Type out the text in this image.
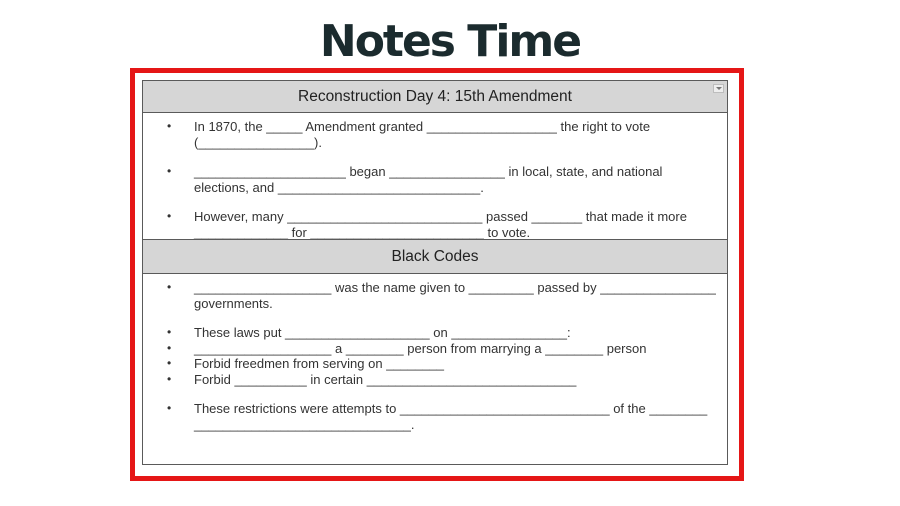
Notes Time
Reconstruction Day 4: 15th Amendment
• In 1870, the _____ Amendment granted __________________ the right to vote (________________).
• _____________________ began ________________ in local, state, and national elections, and ____________________________.
• However, many ___________________________ passed _______ that made it more _____________ for ________________________ to vote.
Black Codes
• ___________________ was the name given to _________ passed by ________________ governments.
• These laws put ____________________ on ________________:
• ___________________ a ________ person from marrying a ________ person
• Forbid freedmen from serving on ________
• Forbid __________ in certain _____________________________
• These restrictions were attempts to _____________________________ of the ________ ______________________________.
